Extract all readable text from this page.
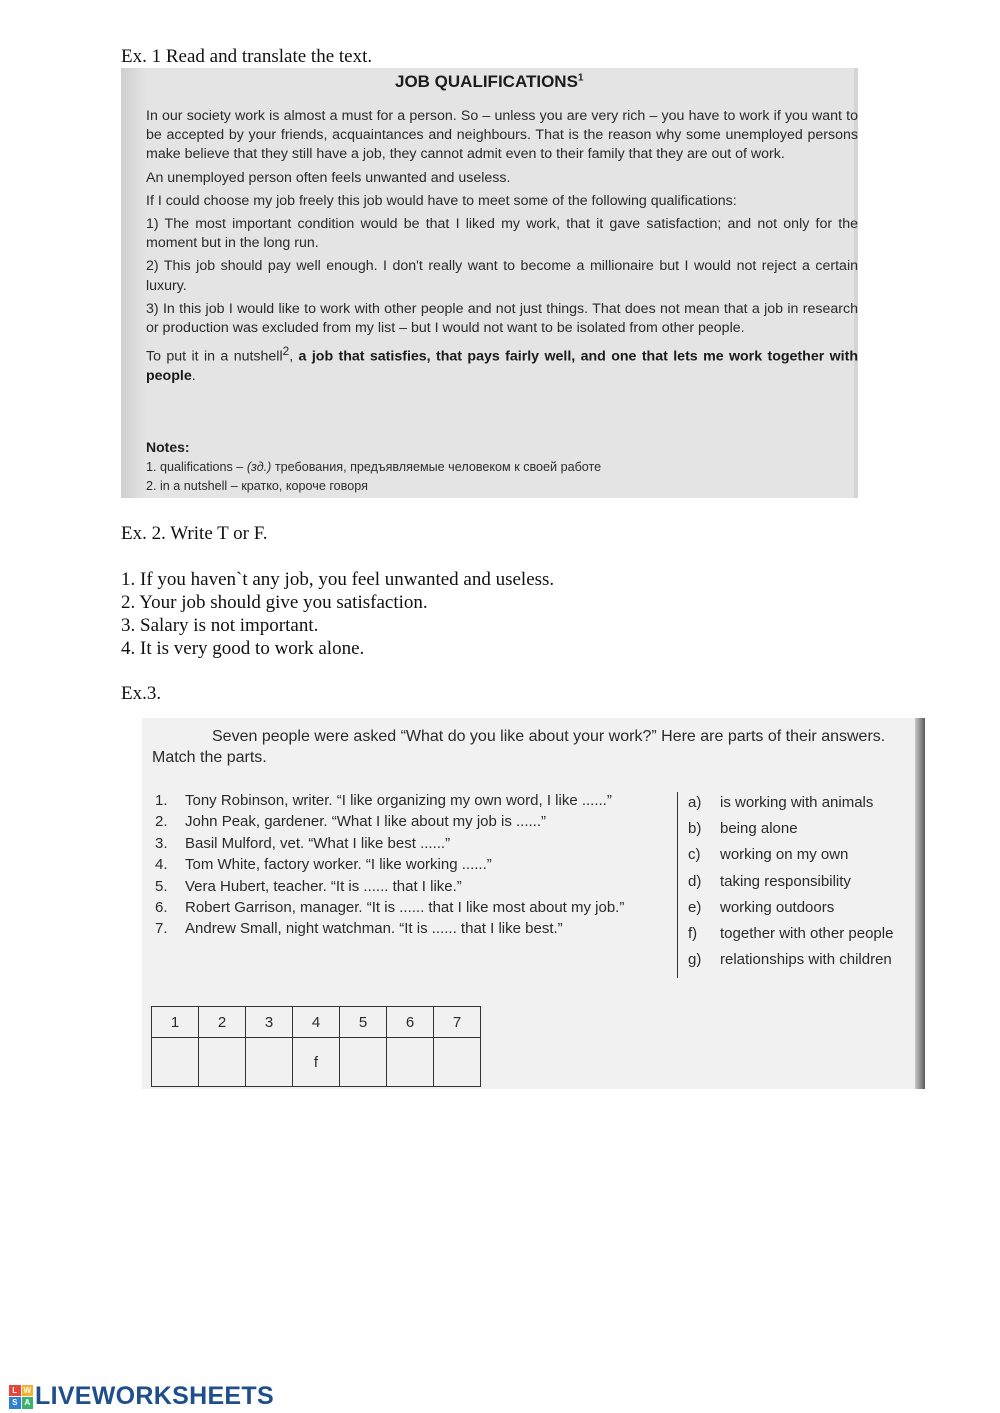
Ex. 1 Read and translate the text.
JOB QUALIFICATIONS$^1$

In our society work is almost a must for a person. So – unless you are very rich – you have to work if you want to be accepted by your friends, acquaintances and neighbours. That is the reason why some unemployed persons make believe that they still have a job, they cannot admit even to their family that they are out of work.

An unemployed person often feels unwanted and useless.

If I could choose my job freely this job would have to meet some of the following qualifications:

1) The most important condition would be that I liked my work, that it gave satisfaction; and not only for the moment but in the long run.

2) This job should pay well enough. I don't really want to become a millionaire but I would not reject a certain luxury.

3) In this job I would like to work with other people and not just things. That does not mean that a job in research or production was excluded from my list – but I would not want to be isolated from other people.

To put it in a nutshell$^2$, a job that satisfies, that pays fairly well, and one that lets me work together with people.

Notes:
1. qualifications – (зд.) требования, предъявляемые человеком к своей работе
2. in a nutshell – кратко, короче говоря
Ex. 2. Write T or F.
1. If you haven`t any job, you feel unwanted and useless.
2. Your job should give you satisfaction.
3. Salary is not important.
4. It is very good to work alone.
Ex.3.
Seven people were asked “What do you like about your work?” Here are parts of their answers. Match the parts.
1. Tony Robinson, writer. “I like organizing my own word, I like ......”
2. John Peak, gardener. “What I like about my job is ......”
3. Basil Mulford, vet. “What I like best ......”
4. Tom White, factory worker. “I like working ......”
5. Vera Hubert, teacher. “It is ...... that I like.”
6. Robert Garrison, manager. “It is ...... that I like most about my job.”
7. Andrew Small, night watchman. “It is ...... that I like best.”
a) is working with animals
b) being alone
c) working on my own
d) taking responsibility
e) working outdoors
f) together with other people
g) relationships with children
1	2	3	4	5	6	7
			f			
L W
S A LIVEWORKSHEETS
